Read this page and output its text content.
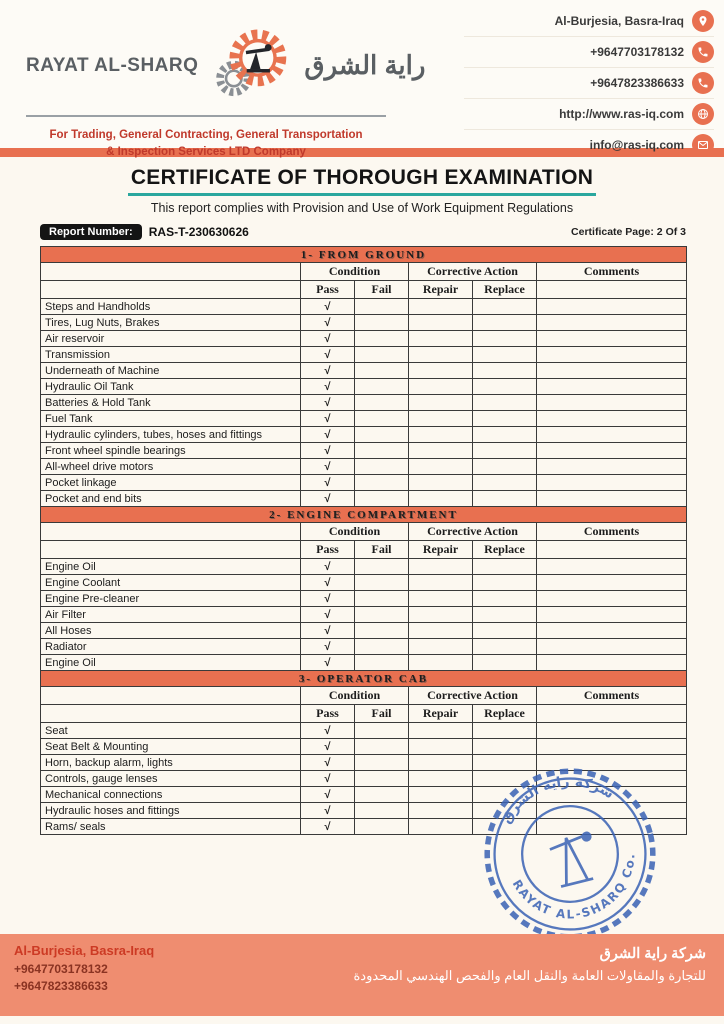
RAYAT AL-SHARQ	راية الشرق
For Trading, General Contracting, General Transportation
& Inspection Services LTD Company
Al-Burjesia, Basra-Iraq
+9647703178132
+9647823386633
http://www.ras-iq.com
info@ras-iq.com
CERTIFICATE OF THOROUGH EXAMINATION
This report complies with Provision and Use of Work Equipment Regulations
Report Number:	RAS-T-230630626	Certificate Page: 2 Of 3
1- FROM GROUND					
	Condition		Corrective Action		Comments
	Pass	Fail	Repair	Replace	
Steps and Handholds	√				
Tires, Lug Nuts, Brakes	√				
Air reservoir	√				
Transmission	√				
Underneath of Machine	√				
Hydraulic Oil Tank	√				
Batteries & Hold Tank	√				
Fuel Tank	√				
Hydraulic cylinders, tubes, hoses and fittings	√				
Front wheel spindle bearings	√				
All-wheel drive motors	√				
Pocket linkage	√				
Pocket and end bits	√				
2- ENGINE COMPARTMENT					
	Condition		Corrective Action		Comments
	Pass	Fail	Repair	Replace	
Engine Oil	√				
Engine Coolant	√				
Engine Pre-cleaner	√				
Air Filter	√				
All Hoses	√				
Radiator	√				
Engine Oil	√				
3- OPERATOR CAB					
	Condition		Corrective Action		Comments
	Pass	Fail	Repair	Replace	
Seat	√				
Seat Belt & Mounting	√				
Horn, backup alarm, lights	√				
Controls, gauge lenses	√				
Mechanical connections	√				
Hydraulic hoses and fittings	√				
Rams/ seals	√				
شركة راية الشرق
RAYAT AL-SHARQ Co.
Al-Burjesia, Basra-Iraq
+9647703178132
+9647823386633
شركة راية الشرق
للتجارة والمقاولات العامة والنقل العام والفحص الهندسي المحدودة
